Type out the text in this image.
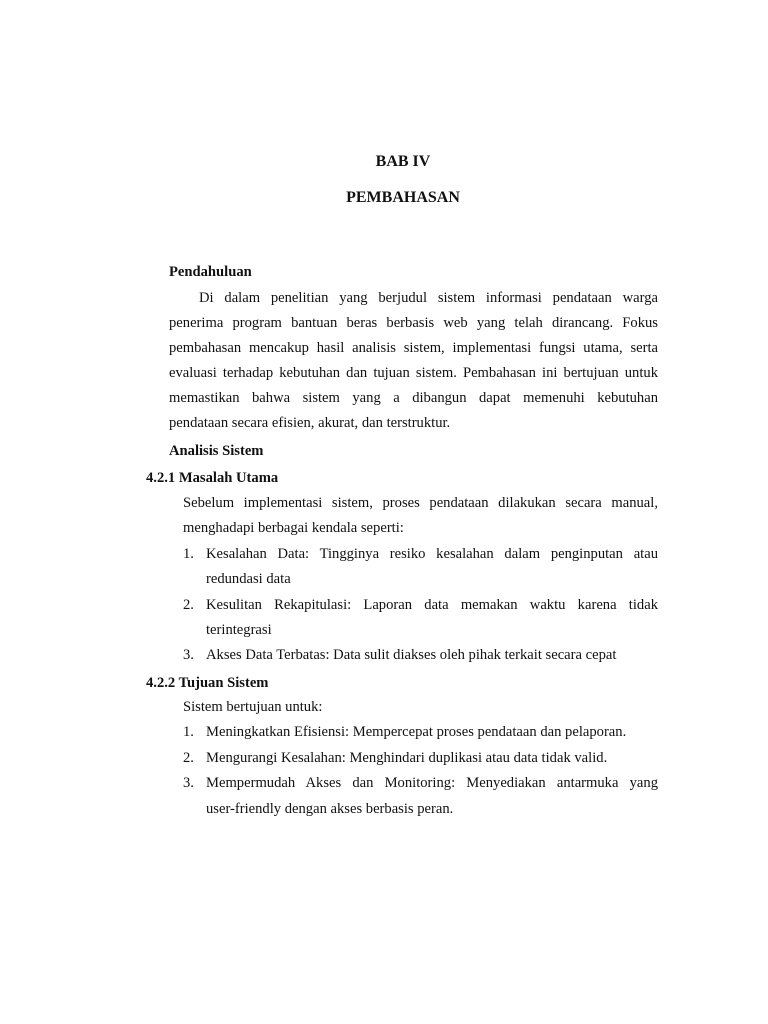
BAB IV
PEMBAHASAN
Pendahuluan
Di dalam penelitian yang berjudul sistem informasi pendataan warga
penerima program bantuan beras berbasis web yang telah dirancang. Fokus
pembahasan mencakup hasil analisis sistem, implementasi fungsi utama, serta
evaluasi terhadap kebutuhan dan tujuan sistem. Pembahasan ini bertujuan untuk
memastikan bahwa sistem yang a dibangun dapat memenuhi kebutuhan
pendataan secara efisien, akurat, dan terstruktur.
Analisis Sistem
4.2.1 Masalah Utama
Sebelum implementasi sistem, proses pendataan dilakukan secara manual,
menghadapi berbagai kendala seperti:
1. Kesalahan Data: Tingginya resiko kesalahan dalam penginputan atau
redundasi data
2. Kesulitan Rekapitulasi: Laporan data memakan waktu karena tidak
terintegrasi
3. Akses Data Terbatas: Data sulit diakses oleh pihak terkait secara cepat
4.2.2 Tujuan Sistem
Sistem bertujuan untuk:
1. Meningkatkan Efisiensi: Mempercepat proses pendataan dan pelaporan.
2. Mengurangi Kesalahan: Menghindari duplikasi atau data tidak valid.
3. Mempermudah Akses dan Monitoring: Menyediakan antarmuka yang
user-friendly dengan akses berbasis peran.
